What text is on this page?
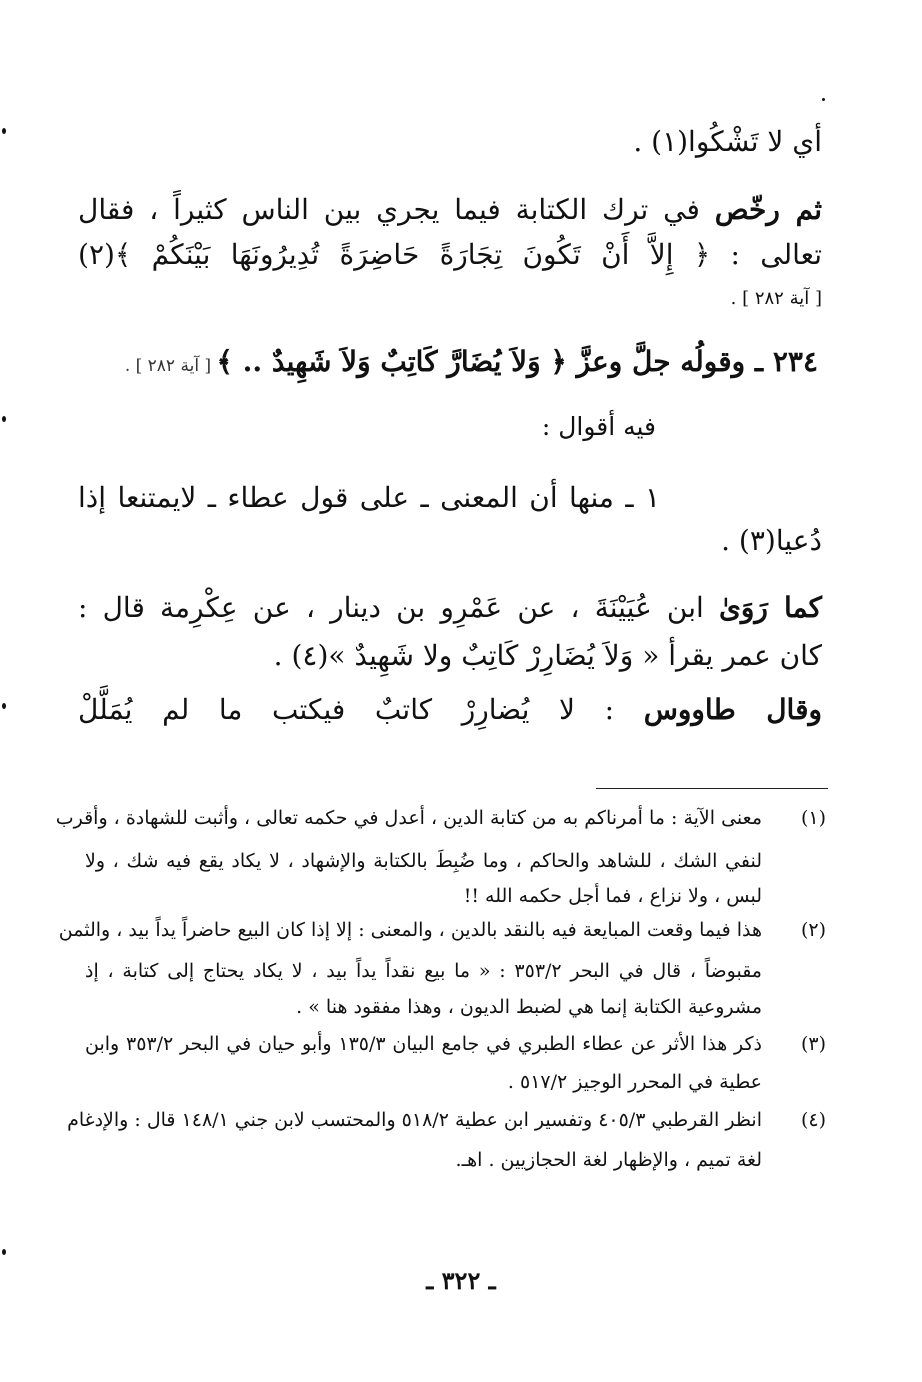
أي لا تَشْكُوا(١) .
ثم رخّص في ترك الكتابة فيما يجري بين الناس كثيراً ، فقال
تعالى : ﴿ إِلاَّ أَنْ تَكُونَ تِجَارَةً حَاضِرَةً تُدِيرُونَهَا بَيْنَكُمْ ﴾(٢)
[ آية ٢٨٢ ] .
٢٣٤ ـ وقولُه جلَّ وعزَّ ﴿ وَلاَ يُضَارَّ كَاتِبٌ وَلاَ شَهِيدٌ .. ﴾ [ آية ٢٨٢ ] .
فيه أقوال :
١ ـ منها أن المعنى ـ على قول عطاء ـ لايمتنعا إذا
دُعيا(٣) .
كما رَوَىٰ ابن عُيَيْنَةَ ، عن عَمْرِو بن دينار ، عن عِكْرِمة قال :
كان عمر يقرأ « وَلاَ يُضَارِرْ كَاتِبٌ ولا شَهِيدٌ »(٤) .
وقال طاووس : لا يُضارِرْ كاتبٌ فيكتب ما لم يُمَلَّلْ
(١)
معنى الآية : ما أمرناكم به من كتابة الدين ، أعدل في حكمه تعالى ، وأثبت للشهادة ، وأقرب
لنفي الشك ، للشاهد والحاكم ، وما ضُبِطَ بالكتابة والإشهاد ، لا يكاد يقع فيه شك ، ولا
لبس ، ولا نزاع ، فما أجل حكمه الله !!
(٢)
هذا فيما وقعت المبايعة فيه بالنقد بالدين ، والمعنى : إلا إذا كان البيع حاضراً يداً بيد ، والثمن
مقبوضاً ، قال في البحر ٣٥٣/٢ : « ما بيع نقداً يداً بيد ، لا يكاد يحتاج إلى كتابة ، إذ
مشروعية الكتابة إنما هي لضبط الديون ، وهذا مفقود هنا » .
(٣)
ذكر هذا الأثر عن عطاء الطبري في جامع البيان ١٣٥/٣ وأبو حيان في البحر ٣٥٣/٢ وابن
عطية في المحرر الوجيز ٥١٧/٢ .
(٤)
انظر القرطبي ٤٠٥/٣ وتفسير ابن عطية ٥١٨/٢ والمحتسب لابن جني ١٤٨/١ قال : والإدغام
لغة تميم ، والإظهار لغة الحجازيين . اهـ.
ـ ٣٢٢ ـ
